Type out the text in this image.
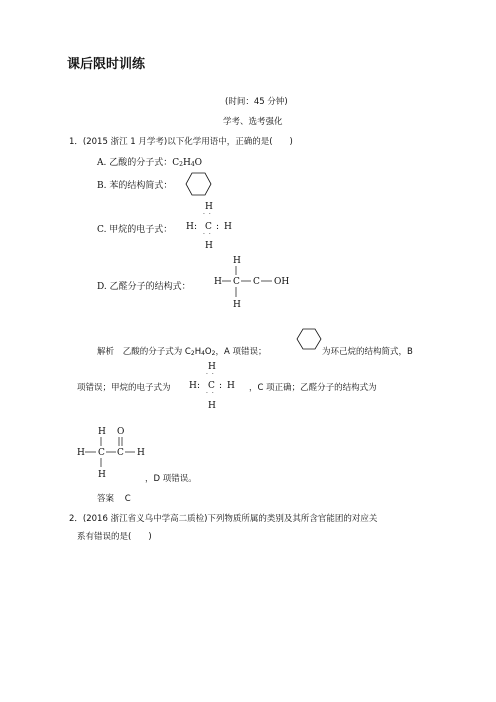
课后限时训练
(时间：45 分钟)
学考、选考强化
1．(2015 浙江 1 月学考)以下化学用语中，正确的是(　　)
A. 乙酸的分子式：$C_2H_4O$
B. 苯的结构简式：
C. 甲烷的电子式：
H
· ·
H : C : H
· ·
H
D. 乙醛分子的结构式：
H
H C C OH
H
解析 乙酸的分子式为 $C_2H_4O_2$，A 项错误；	为环己烷的结构简式，B
H
· ·
H : C : H
· ·
H
项错误；甲烷的电子式为	，C 项正确；乙醛分子的结构式为
H O
H C C H
H	，D 项错误。
答案 C
2．(2016 浙江省义乌中学高二质检)下列物质所属的类别及其所含官能团的对应关
系有错误的是(　　)
